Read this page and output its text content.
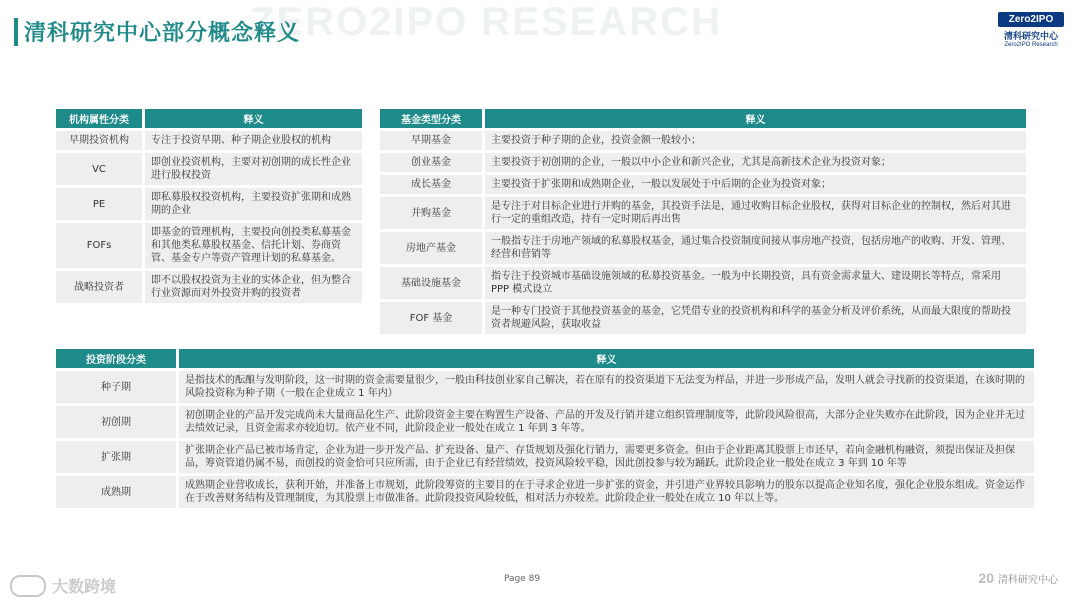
ZERO2IPO RESEARCH
清科研究中心部分概念释义
Zero2IPO
清科研究中心
Zero2IPO Research
机构属性分类	释义
早期投资机构	专注于投资早期、种子期企业股权的机构
VC	即创业投资机构，主要对初创期的成长性企业进行股权投资
PE	即私募股权投资机构，主要投资扩张期和成熟期的企业
FOFs	即基金的管理机构，主要投向创投类私募基金和其他类私募股权基金、信托计划、券商资管、基金专户等资产管理计划的私募基金。
战略投资者	即不以股权投资为主业的实体企业，但为整合行业资源而对外投资并购的投资者
基金类型分类	释义
早期基金	主要投资于种子期的企业，投资金额一般较小；
创业基金	主要投资于初创期的企业，一般以中小企业和新兴企业，尤其是高新技术企业为投资对象；
成长基金	主要投资于扩张期和成熟期企业，一般以发展处于中后期的企业为投资对象；
并购基金	是专注于对目标企业进行并购的基金，其投资手法是，通过收购目标企业股权，获得对目标企业的控制权，然后对其进行一定的重组改造，持有一定时期后再出售
房地产基金	一般指专注于房地产领域的私募股权基金，通过集合投资制度间接从事房地产投资，包括房地产的收购、开发、管理、经营和营销等
基础设施基金	指专注于投资城市基础设施领域的私募投资基金。一般为中长期投资，具有资金需求量大、建设期长等特点，常采用 PPP 模式设立
FOF 基金	是一种专门投资于其他投资基金的基金，它凭借专业的投资机构和科学的基金分析及评价系统，从而最大限度的帮助投资者规避风险，获取收益
投资阶段分类	释义
种子期	是指技术的酝酿与发明阶段，这一时期的资金需要量很少，一般由科技创业家自己解决，若在原有的投资渠道下无法变为样品，并进一步形成产品，发明人就会寻找新的投资渠道，在该时期的风险投资称为种子期（一般在企业成立 1 年内）
初创期	初创期企业的产品开发完成尚未大量商品化生产、此阶段资金主要在购置生产设备、产品的开发及行销并建立组织管理制度等，此阶段风险很高，大部分企业失败亦在此阶段，因为企业并无过去绩效记录，且资金需求亦较迫切。依产业不同，此阶段企业一般处在成立 1 年到 3 年等。
扩张期	扩张期企业产品已被市场肯定，企业为进一步开发产品、扩充设备、量产、存货规划及强化行销力，需要更多资金。但由于企业距离其股票上市还早，若向金融机构融资，须提出保证及担保品，筹资管道仍属不易，而创投的资金恰可只应所需，由于企业已有经营绩效，投资风险较平稳，因此创投参与较为踊跃。此阶段企业一般处在成立 3 年到 10 年等
成熟期	成熟期企业营收成长，获利开始，并准备上市规划，此阶段筹资的主要目的在于寻求企业进一步扩张的资金，并引进产业界较具影响力的股东以提高企业知名度，强化企业股东组成。资金运作在于改善财务结构及管理制度，为其股票上市做准备。此阶段投资风险较低，相对活力亦较差。此阶段企业一般处在成立 10 年以上等。
大数跨境	Page 89	20 清科研究中心
